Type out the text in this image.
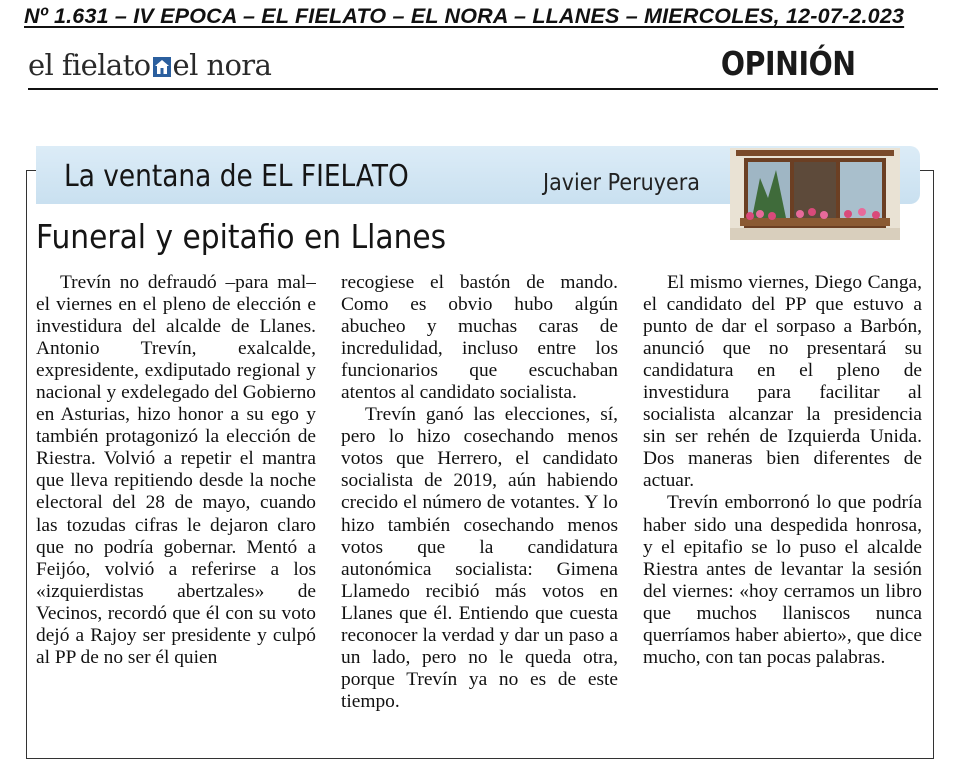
Nº 1.631 – IV EPOCA – EL FIELATO – EL NORA – LLANES – MIERCOLES, 12-07-2.023
el fielato el nora	OPINIÓN
La ventana de EL FIELATO	Javier Peruyera
Funeral y epitafio en Llanes

Trevín no defraudó –para mal– el viernes en el pleno de elección e investidura del alcalde de Llanes. Antonio Trevín, exalcalde, expresidente, exdiputado regional y nacional y exdelegado del Gobierno en Asturias, hizo honor a su ego y también protagonizó la elección de Riestra. Volvió a repetir el mantra que lleva repitiendo desde la noche electoral del 28 de mayo, cuando las tozudas cifras le dejaron claro que no podría gobernar. Mentó a Feijóo, volvió a referirse a los «izquierdistas abertzales» de Vecinos, recordó que él con su voto dejó a Rajoy ser presidente y culpó al PP de no ser él quien

recogiese el bastón de mando. Como es obvio hubo algún abucheo y muchas caras de incredulidad, incluso entre los funcionarios que escuchaban atentos al candidato socialista.

Trevín ganó las elecciones, sí, pero lo hizo cosechando menos votos que Herrero, el candidato socialista de 2019, aún habiendo crecido el número de votantes. Y lo hizo también cosechando menos votos que la candidatura autonómica socialista: Gimena Llamedo recibió más votos en Llanes que él. Entiendo que cuesta reconocer la verdad y dar un paso a un lado, pero no le queda otra, porque Trevín ya no es de este tiempo.

El mismo viernes, Diego Canga, el candidato del PP que estuvo a punto de dar el sorpaso a Barbón, anunció que no presentará su candidatura en el pleno de investidura para facilitar al socialista alcanzar la presidencia sin ser rehén de Izquierda Unida. Dos maneras bien diferentes de actuar.

Trevín emborronó lo que podría haber sido una despedida honrosa, y el epitafio se lo puso el alcalde Riestra antes de levantar la sesión del viernes: «hoy cerramos un libro que muchos llaniscos nunca querríamos haber abierto», que dice mucho, con tan pocas palabras.
